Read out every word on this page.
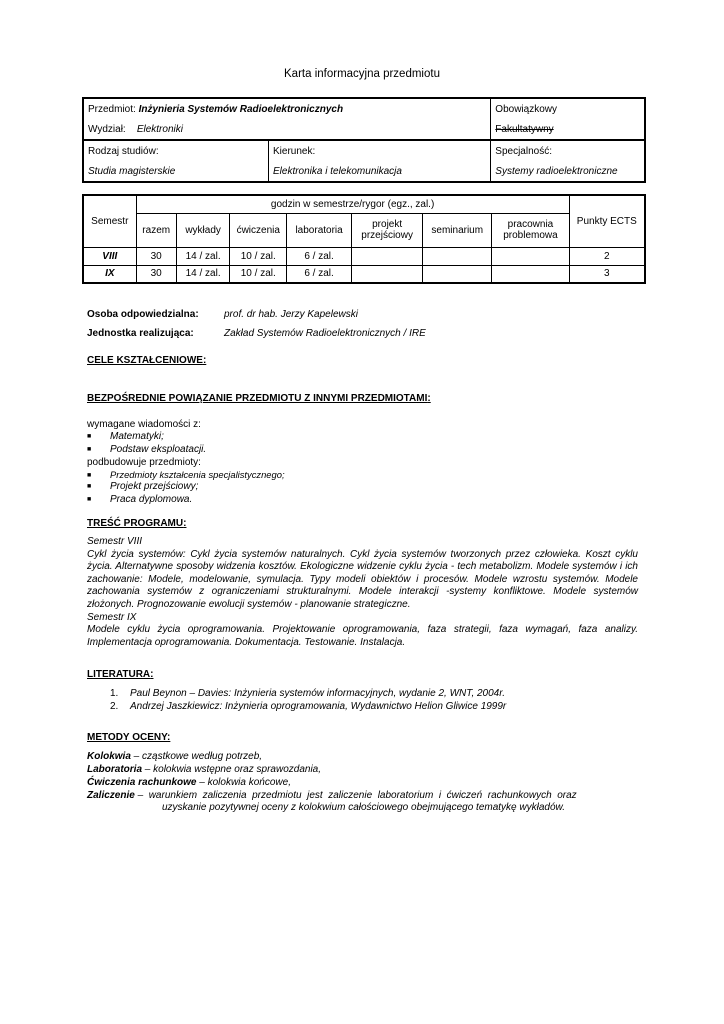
Karta informacyjna przedmiotu
Przedmiot: Inżynieria Systemów Radioelektronicznych		Obowiązkowy
Wydział: Elektroniki		Fakultatywny
Rodzaj studiów:	Kierunek:	Specjalność:
Studia magisterskie	Elektronika i telekomunikacja	Systemy radioelektroniczne
Semestr	godzin w semestrze/rygor (egz., zal.)							Punkty ECTS
	razem	wykłady	ćwiczenia	laboratoria	projekt przejściowy	seminarium	pracownia problemowa	
VIII	30	14 / zal.	10 / zal.	6 / zal.				2
IX	30	14 / zal.	10 / zal.	6 / zal.				3
Osoba odpowiedzialna:	prof. dr hab. Jerzy Kapelewski
Jednostka realizująca:	Zakład Systemów Radioelektronicznych / IRE
CELE KSZTAŁCENIOWE:
BEZPOŚREDNIE POWIĄZANIE PRZEDMIOTU Z INNYMI PRZEDMIOTAMI:
wymagane wiadomości z:
■ Matematyki;
■ Podstaw eksploatacji.
podbudowuje przedmioty:
■ Przedmioty kształcenia specjalistycznego;
■ Projekt przejściowy;
■ Praca dyplomowa.
TREŚĆ PROGRAMU:
Semestr VIII
Cykl życia systemów: Cykl życia systemów naturalnych. Cykl życia systemów tworzonych przez człowieka. Koszt cyklu życia. Alternatywne sposoby widzenia kosztów. Ekologiczne widzenie cyklu życia - tech metabolizm. Modele systemów i ich zachowanie: Modele, modelowanie, symulacja. Typy modeli obiektów i procesów. Modele wzrostu systemów. Modele zachowania systemów z ograniczeniami strukturalnymi. Modele interakcji -systemy konfliktowe. Modele systemów złożonych. Prognozowanie ewolucji systemów - planowanie strategiczne.
Semestr IX
Modele cyklu życia oprogramowania. Projektowanie oprogramowania, faza strategii, faza wymagań, faza analizy. Implementacja oprogramowania. Dokumentacja. Testowanie. Instalacja.
LITERATURA:
1. Paul Beynon – Davies: Inżynieria systemów informacyjnych, wydanie 2, WNT, 2004r.
2. Andrzej Jaszkiewicz: Inżynieria oprogramowania, Wydawnictwo Helion Gliwice 1999r
METODY OCENY:
Kolokwia – cząstkowe według potrzeb,
Laboratoria – kolokwia wstępne oraz sprawozdania,
Ćwiczenia rachunkowe – kolokwia końcowe,
Zaliczenie –  warunkiem  zaliczenia  przedmiotu  jest  zaliczenie  laboratorium  i  ćwiczeń  rachunkowych  oraz
uzyskanie pozytywnej oceny z kolokwium całościowego obejmującego tematykę wykładów.
